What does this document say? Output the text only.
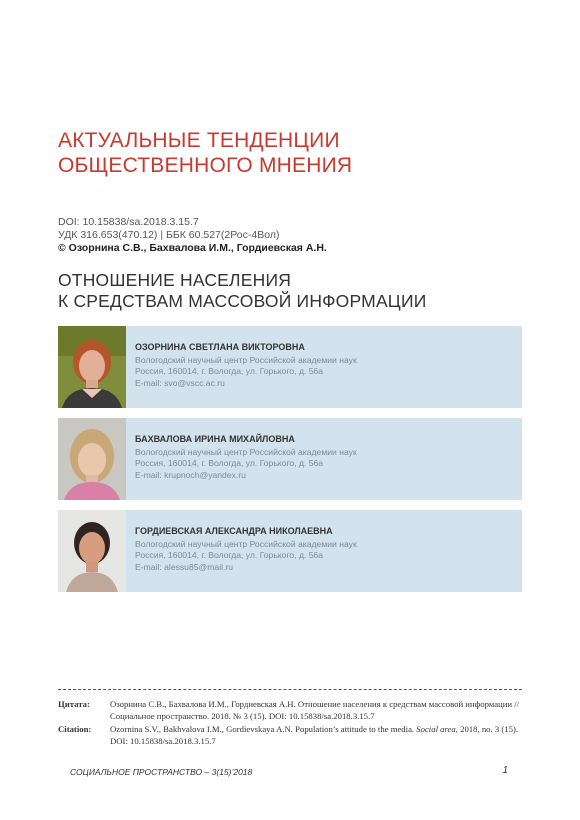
АКТУАЛЬНЫЕ ТЕНДЕНЦИИ
ОБЩЕСТВЕННОГО МНЕНИЯ
DOI: 10.15838/sa.2018.3.15.7
УДК 316.653(470.12) | ББК 60.527(2Рос-4Вол)
© Озорнина С.В., Бахвалова И.М., Гордиевская А.Н.
ОТНОШЕНИЕ НАСЕЛЕНИЯ
К СРЕДСТВАМ МАССОВОЙ ИНФОРМАЦИИ
ОЗОРНИНА СВЕТЛАНА ВИКТОРОВНА
Вологодский научный центр Российской академии наук
Россия, 160014, г. Вологда, ул. Горького, д. 56а
E-mail: svo@vscc.ac.ru
БАХВАЛОВА ИРИНА МИХАЙЛОВНА
Вологодский научный центр Российской академии наук
Россия, 160014, г. Вологда, ул. Горького, д. 56а
E-mail: krupnoch@yandex.ru
ГОРДИЕВСКАЯ АЛЕКСАНДРА НИКОЛАЕВНА
Вологодский научный центр Российской академии наук
Россия, 160014, г. Вологда, ул. Горького, д. 56а
E-mail: alessu85@mail.ru
Цитата:	Озорнина С.В., Бахвалова И.М., Гордиевская А.Н. Отношение населения к средствам массовой информации // Социальное пространство. 2018. № 3 (15). DOI: 10.15838/sa.2018.3.15.7
Citation:	Ozornina S.V., Bakhvalova I.M., Gordievskaya A.N. Population’s attitude to the media. Social area, 2018, no. 3 (15). DOI: 10.15838/sa.2018.3.15.7
СОЦИАЛЬНОЕ ПРОСТРАНСТВО – 3(15)’2018	1
